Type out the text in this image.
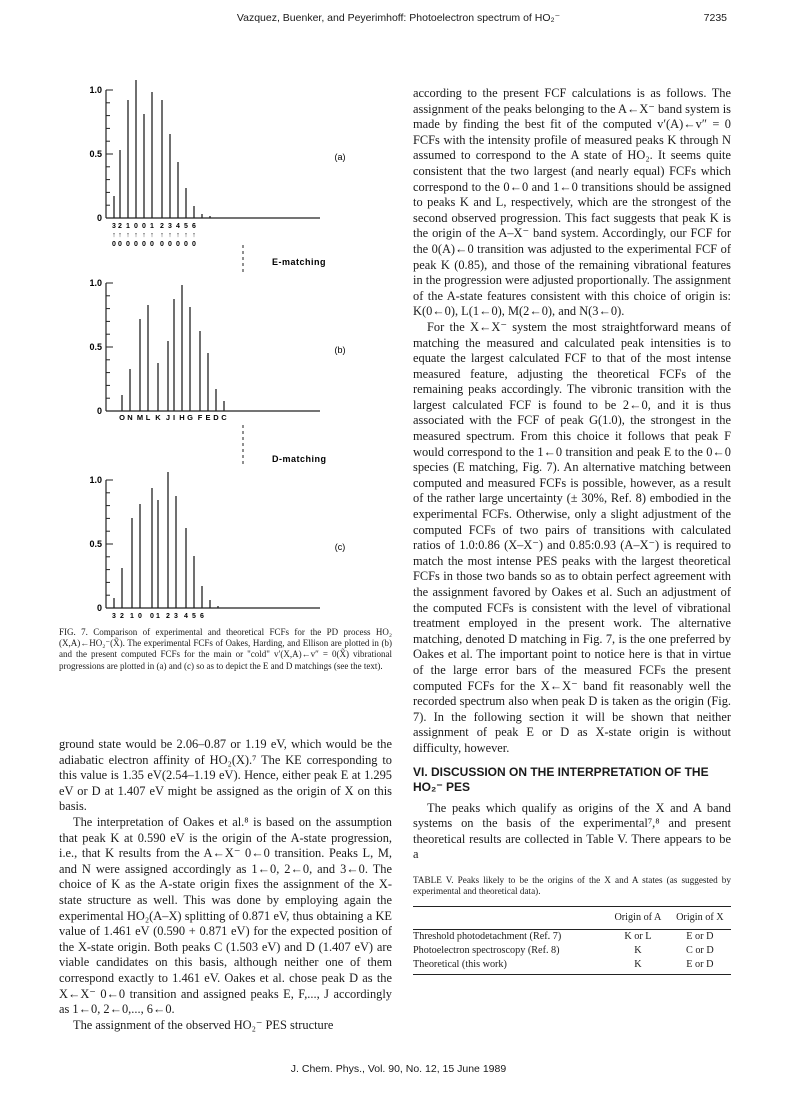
Vazquez, Buenker, and Peyerimhoff: Photoelectron spectrum of HO₂⁻	7235
1.0
0.5
0
(a)
3
↑
0
2
↑
0
1
↑
0
0
↑
0
0
↑
0
1
↑
0
2
↑
0
3
↑
0
4
↑
0
5
↑
0
6
↑
0
1.0
0.5
0
(b)
E-matching
O N M L K J I H G F E D C
1.0
0.5
0
(c)
D-matching
3 2 1 0 0 1 2 3 4 5 6
FIG. 7. Comparison of experimental and theoretical FCFs for the PD process HO₂ (X,A)←HO₂⁻(X̃). The experimental FCFs of Oakes, Harding, and Ellison are plotted in (b) and the present computed FCFs for the main or "cold" v′(X,A)←v″ = 0(X̃) vibrational progressions are plotted in (a) and (c) so as to depict the E and D matchings (see the text).

ground state would be 2.06–0.87 or 1.19 eV, which would be the adiabatic electron affinity of HO₂(X).⁷ The KE corresponding to this value is 1.35 eV(2.54–1.19 eV). Hence, either peak E at 1.295 eV or D at 1.407 eV might be assigned as the origin of X on this basis.

The interpretation of Oakes et al.⁸ is based on the assumption that peak K at 0.590 eV is the origin of the A-state progression, i.e., that K results from the A←X⁻ 0←0 transition. Peaks L, M, and N were assigned accordingly as 1←0, 2←0, and 3←0. The choice of K as the A-state origin fixes the assignment of the X-state structure as well. This was done by employing again the experimental HO₂(A–X) splitting of 0.871 eV, thus obtaining a KE value of 1.461 eV (0.590 + 0.871 eV) for the expected position of the X-state origin. Both peaks C (1.503 eV) and D (1.407 eV) are viable candidates on this basis, although neither one of them correspond exactly to 1.461 eV. Oakes et al. chose peak D as the X←X⁻ 0←0 transition and assigned peaks E, F,..., J accordingly as 1←0, 2←0,..., 6←0.

The assignment of the observed HO₂⁻ PES structure

according to the present FCF calculations is as follows. The assignment of the peaks belonging to the A←X⁻ band system is made by finding the best fit of the computed v′(A)←v″ = 0 FCFs with the intensity profile of measured peaks K through N assumed to correspond to the A state of HO₂. It seems quite consistent that the two largest (and nearly equal) FCFs which correspond to the 0←0 and 1←0 transitions should be assigned to peaks K and L, respectively, which are the strongest of the second observed progression. This fact suggests that peak K is the origin of the A–X⁻ band system. Accordingly, our FCF for the 0(A)←0 transition was adjusted to the experimental FCF of peak K (0.85), and those of the remaining vibrational features in the progression were adjusted proportionally. The assignment of the A-state features consistent with this choice of origin is: K(0←0), L(1←0), M(2←0), and N(3←0).

For the X←X⁻ system the most straightforward means of matching the measured and calculated peak intensities is to equate the largest calculated FCF to that of the most intense measured feature, adjusting the theoretical FCFs of the remaining peaks accordingly. The vibronic transition with the largest calculated FCF is found to be 2←0, and it is thus associated with the FCF of peak G(1.0), the strongest in the measured spectrum. From this choice it follows that peak F would correspond to the 1←0 transition and peak E to the 0←0 species (E matching, Fig. 7). An alternative matching between computed and measured FCFs is possible, however, as a result of the rather large uncertainty (± 30%, Ref. 8) embodied in the experimental FCFs. Otherwise, only a slight adjustment of the computed FCFs of two pairs of transitions with calculated ratios of 1.0:0.86 (X–X⁻) and 0.85:0.93 (A–X⁻) is required to match the most intense PES peaks with the largest theoretical FCFs in those two bands so as to obtain perfect agreement with the assignment favored by Oakes et al. Such an adjustment of the computed FCFs is consistent with the level of vibrational treatment employed in the present work. The alternative matching, denoted D matching in Fig. 7, is the one preferred by Oakes et al. The important point to notice here is that in virtue of the large error bars of the measured FCFs the present computed FCFs for the X←X⁻ band fit reasonably well the recorded spectrum also when peak D is taken as the origin (Fig. 7). In the following section it will be shown that neither assignment of peak E or D as X-state origin is without difficulty, however.

VI. DISCUSSION ON THE INTERPRETATION OF THE HO₂⁻ PES

The peaks which qualify as origins of the X and A band systems on the basis of the experimental⁷,⁸ and present theoretical results are collected in Table V. There appears to be a

TABLE V. Peaks likely to be the origins of the X and A states (as suggested by experimental and theoretical data).
	Origin of A	Origin of X
Threshold photodetachment (Ref. 7)	K or L	E or D
Photoelectron spectroscopy (Ref. 8)	K	C or D
Theoretical (this work)	K	E or D
J. Chem. Phys., Vol. 90, No. 12, 15 June 1989
